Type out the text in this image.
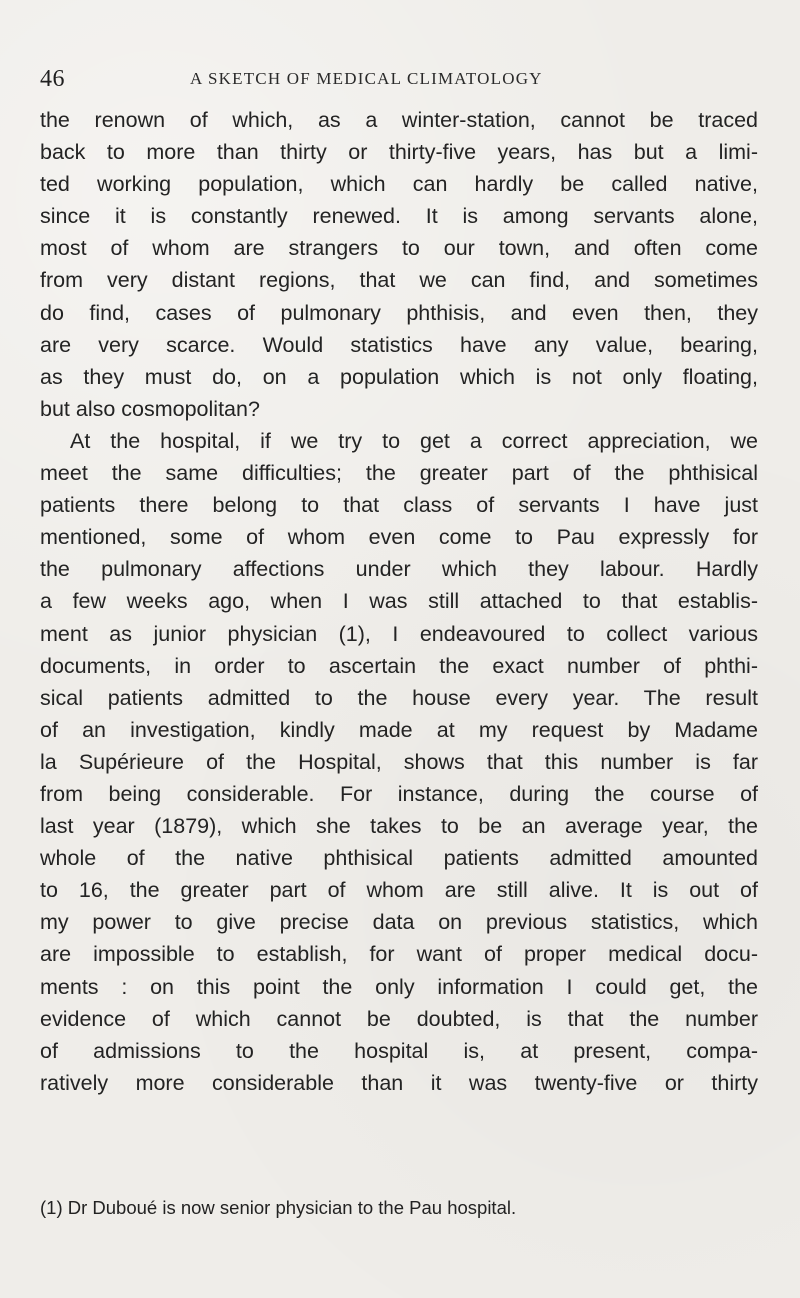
46	A SKETCH OF MEDICAL CLIMATOLOGY
the renown of which, as a winter-station, cannot be traced
back to more than thirty or thirty-five years, has but a limi-
ted working population, which can hardly be called native,
since it is constantly renewed. It is among servants alone,
most of whom are strangers to our town, and often come
from very distant regions, that we can find, and sometimes
do find, cases of pulmonary phthisis, and even then, they
are very scarce. Would statistics have any value, bearing,
as they must do, on a population which is not only floating,
but also cosmopolitan?
At the hospital, if we try to get a correct appreciation, we
meet the same difficulties; the greater part of the phthisical
patients there belong to that class of servants I have just
mentioned, some of whom even come to Pau expressly for
the pulmonary affections under which they labour. Hardly
a few weeks ago, when I was still attached to that establis-
ment as junior physician (1), I endeavoured to collect various
documents, in order to ascertain the exact number of phthi-
sical patients admitted to the house every year. The result
of an investigation, kindly made at my request by Madame
la Supérieure of the Hospital, shows that this number is far
from being considerable. For instance, during the course of
last year (1879), which she takes to be an average year, the
whole of the native phthisical patients admitted amounted
to 16, the greater part of whom are still alive. It is out of
my power to give precise data on previous statistics, which
are impossible to establish, for want of proper medical docu-
ments : on this point the only information I could get, the
evidence of which cannot be doubted, is that the number
of admissions to the hospital is, at present, compa-
ratively more considerable than it was twenty-five or thirty
(1) Dr Duboué is now senior physician to the Pau hospital.
